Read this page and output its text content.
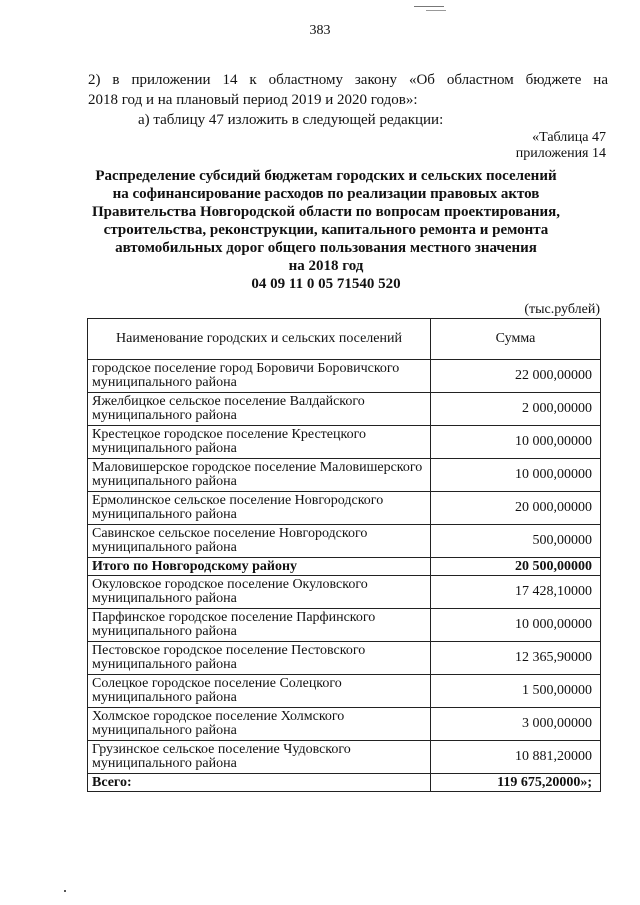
383
2) в приложении 14 к областному закону «Об областном бюджете на
2018 год и на плановый период 2019 и 2020 годов»:
а) таблицу 47 изложить в следующей редакции:
«Таблица 47
приложения 14
Распределение субсидий бюджетам городских и сельских поселений
на софинансирование расходов по реализации правовых актов
Правительства Новгородской области по вопросам проектирования,
строительства, реконструкции, капитального ремонта и ремонта
автомобильных дорог общего пользования местного значения
на 2018 год
04 09 11 0 05 71540 520
(тыс.рублей)
Наименование городских и сельских поселений	Сумма
городское поселение город Боровичи Боровичского муниципального района	22 000,00000
Яжелбицкое сельское поселение Валдайского муниципального района	2 000,00000
Крестецкое городское поселение Крестецкого муниципального района	10 000,00000
Маловишерское городское поселение Маловишерского муниципального района	10 000,00000
Ермолинское сельское поселение Новгородского муниципального района	20 000,00000
Савинское сельское поселение Новгородского муниципального района	500,00000
Итого по Новгородскому району	20 500,00000
Окуловское городское поселение Окуловского муниципального района	17 428,10000
Парфинское городское поселение Парфинского муниципального района	10 000,00000
Пестовское городское поселение Пестовского муниципального района	12 365,90000
Солецкое городское поселение Солецкого муниципального района	1 500,00000
Холмское городское поселение Холмского муниципального района	3 000,00000
Грузинское сельское поселение Чудовского муниципального района	10 881,20000
Всего:	119 675,20000»;
